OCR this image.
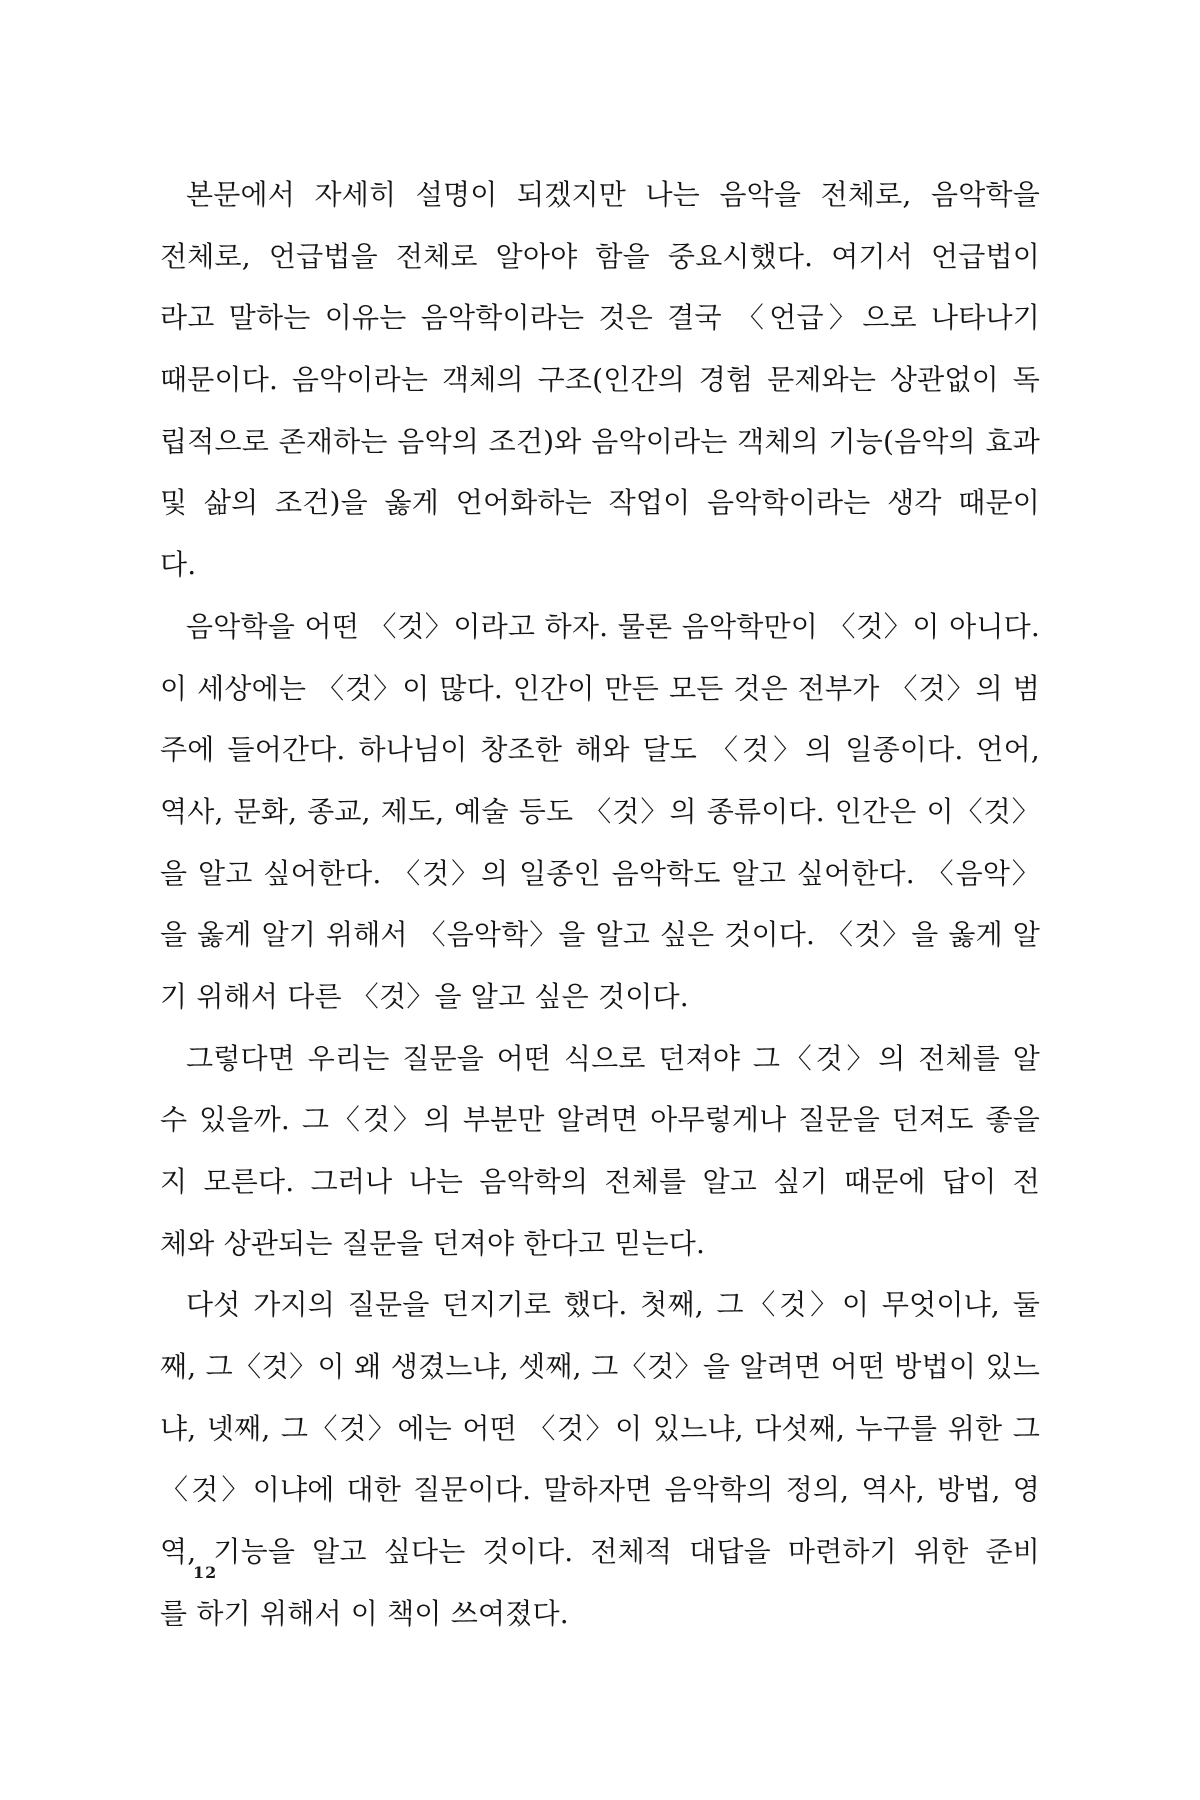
본문에서 자세히 설명이 되겠지만 나는 음악을 전체로, 음악학을
전체로, 언급법을 전체로 알아야 함을 중요시했다. 여기서 언급법이
라고 말하는 이유는 음악학이라는 것은 결국 〈언급〉으로 나타나기
때문이다. 음악이라는 객체의 구조(인간의 경험 문제와는 상관없이 독
립적으로 존재하는 음악의 조건)와 음악이라는 객체의 기능(음악의 효과
및 삶의 조건)을 옳게 언어화하는 작업이 음악학이라는 생각 때문이
다.
음악학을 어떤 〈것〉이라고 하자. 물론 음악학만이 〈것〉이 아니다.
이 세상에는 〈것〉이 많다. 인간이 만든 모든 것은 전부가 〈것〉의 범
주에 들어간다. 하나님이 창조한 해와 달도 〈것〉의 일종이다. 언어,
역사, 문화, 종교, 제도, 예술 등도 〈것〉의 종류이다. 인간은 이〈것〉
을 알고 싶어한다. 〈것〉의 일종인 음악학도 알고 싶어한다. 〈음악〉
을 옳게 알기 위해서 〈음악학〉을 알고 싶은 것이다. 〈것〉을 옳게 알
기 위해서 다른 〈것〉을 알고 싶은 것이다.
그렇다면 우리는 질문을 어떤 식으로 던져야 그〈것〉의 전체를 알
수 있을까. 그〈것〉의 부분만 알려면 아무렇게나 질문을 던져도 좋을
지 모른다. 그러나 나는 음악학의 전체를 알고 싶기 때문에 답이 전
체와 상관되는 질문을 던져야 한다고 믿는다.
다섯 가지의 질문을 던지기로 했다. 첫째, 그〈것〉이 무엇이냐, 둘
째, 그〈것〉이 왜 생겼느냐, 셋째, 그〈것〉을 알려면 어떤 방법이 있느
냐, 넷째, 그〈것〉에는 어떤 〈것〉이 있느냐, 다섯째, 누구를 위한 그
〈것〉이냐에 대한 질문이다. 말하자면 음악학의 정의, 역사, 방법, 영
역, 기능을 알고 싶다는 것이다. 전체적 대답을 마련하기 위한 준비
를 하기 위해서 이 책이 쓰여졌다.
12
